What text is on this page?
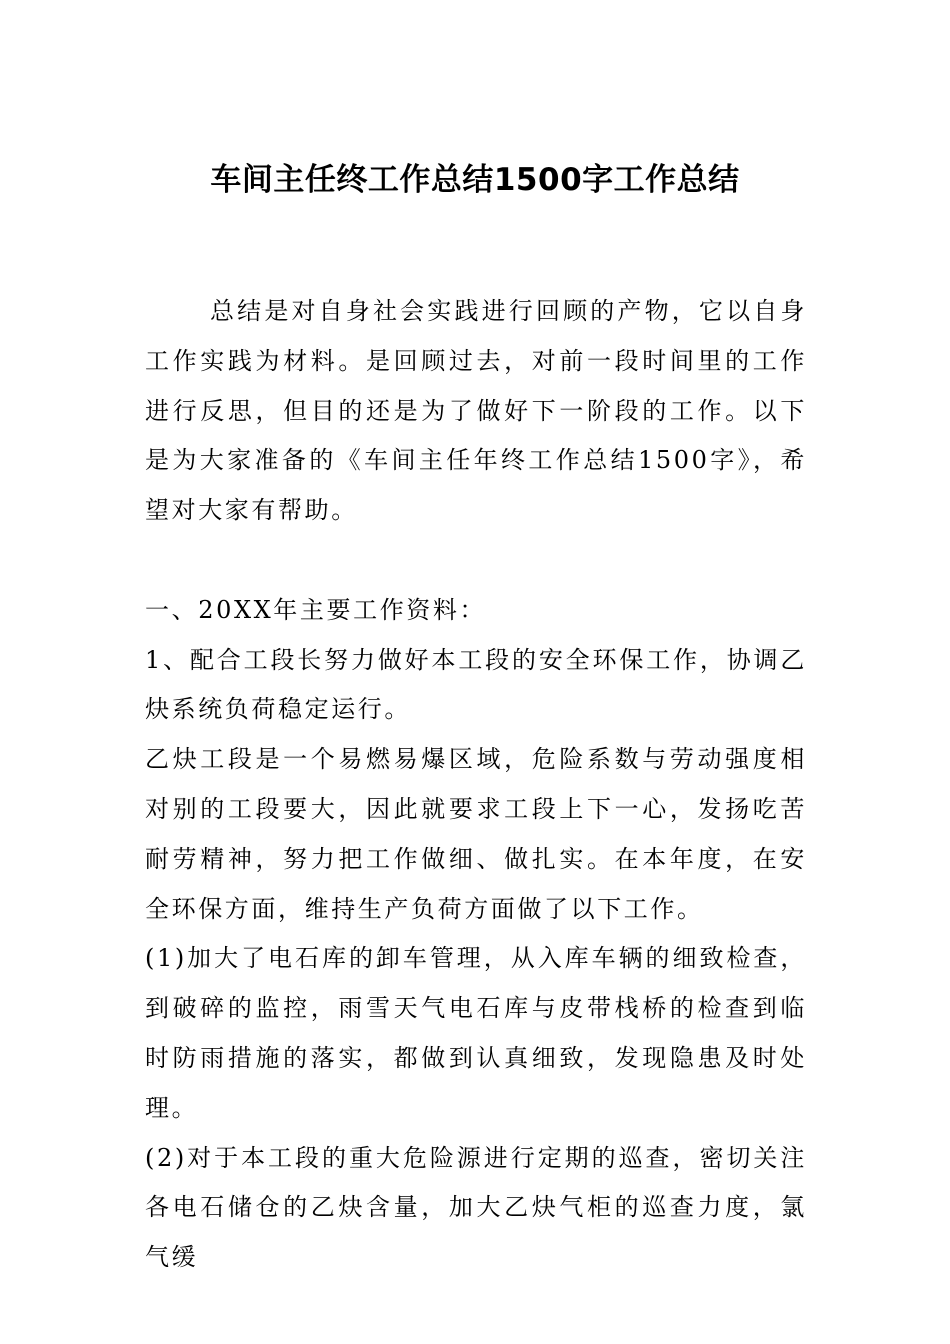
车间主任终工作总结1500字工作总结

总结是对自身社会实践进行回顾的产物，它以自身工作实践为材料。是回顾过去，对前一段时间里的工作进行反思，但目的还是为了做好下一阶段的工作。以下是为大家准备的《车间主任年终工作总结1500字》，希望对大家有帮助。

一、20XX年主要工作资料：

1、配合工段长努力做好本工段的安全环保工作，协调乙炔系统负荷稳定运行。

乙炔工段是一个易燃易爆区域，危险系数与劳动强度相对别的工段要大，因此就要求工段上下一心，发扬吃苦耐劳精神，努力把工作做细、做扎实。在本年度，在安全环保方面，维持生产负荷方面做了以下工作。

(1)加大了电石库的卸车管理，从入库车辆的细致检查，到破碎的监控，雨雪天气电石库与皮带栈桥的检查到临时防雨措施的落实，都做到认真细致，发现隐患及时处理。

(2)对于本工段的重大危险源进行定期的巡查，密切关注各电石储仓的乙炔含量，加大乙炔气柜的巡查力度，氯气缓
